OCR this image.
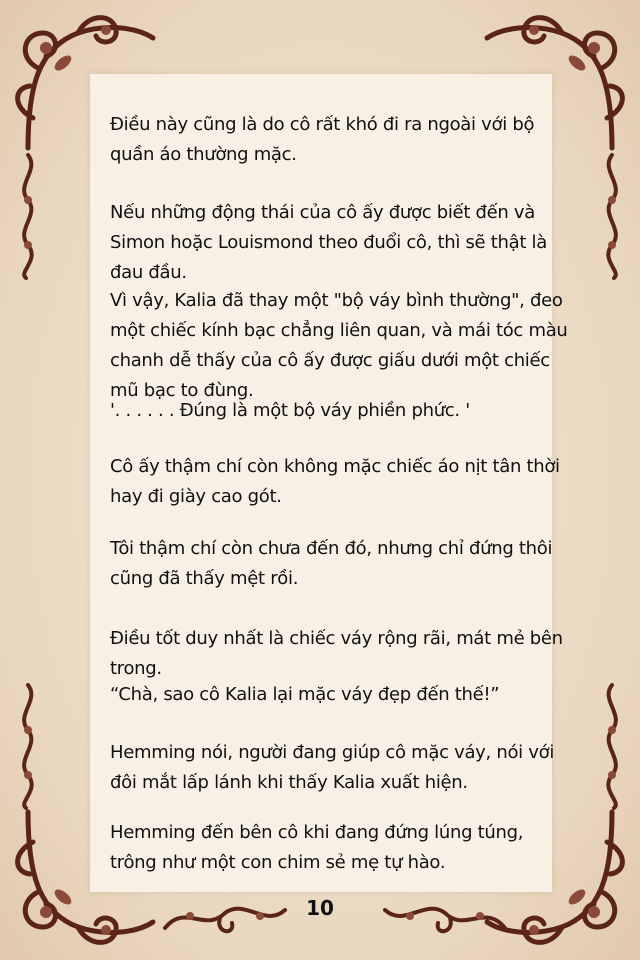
Điều này cũng là do cô rất khó đi ra ngoài với bộ quần áo thường mặc.
Nếu những động thái của cô ấy được biết đến và Simon hoặc Louismond theo đuổi cô, thì sẽ thật là đau đầu.
Vì vậy, Kalia đã thay một "bộ váy bình thường", đeo một chiếc kính bạc chẳng liên quan, và mái tóc màu chanh dễ thấy của cô ấy được giấu dưới một chiếc mũ bạc to đùng.
'. . . . . . Đúng là một bộ váy phiền phức. '
Cô ấy thậm chí còn không mặc chiếc áo nịt tân thời hay đi giày cao gót.
Tôi thậm chí còn chưa đến đó, nhưng chỉ đứng thôi cũng đã thấy mệt rồi.
Điều tốt duy nhất là chiếc váy rộng rãi, mát mẻ bên trong.
“Chà, sao cô Kalia lại mặc váy đẹp đến thế!”
Hemming nói, người đang giúp cô mặc váy, nói với đôi mắt lấp lánh khi thấy Kalia xuất hiện.
Hemming đến bên cô khi đang đứng lúng túng, trông như một con chim sẻ mẹ tự hào.
10
